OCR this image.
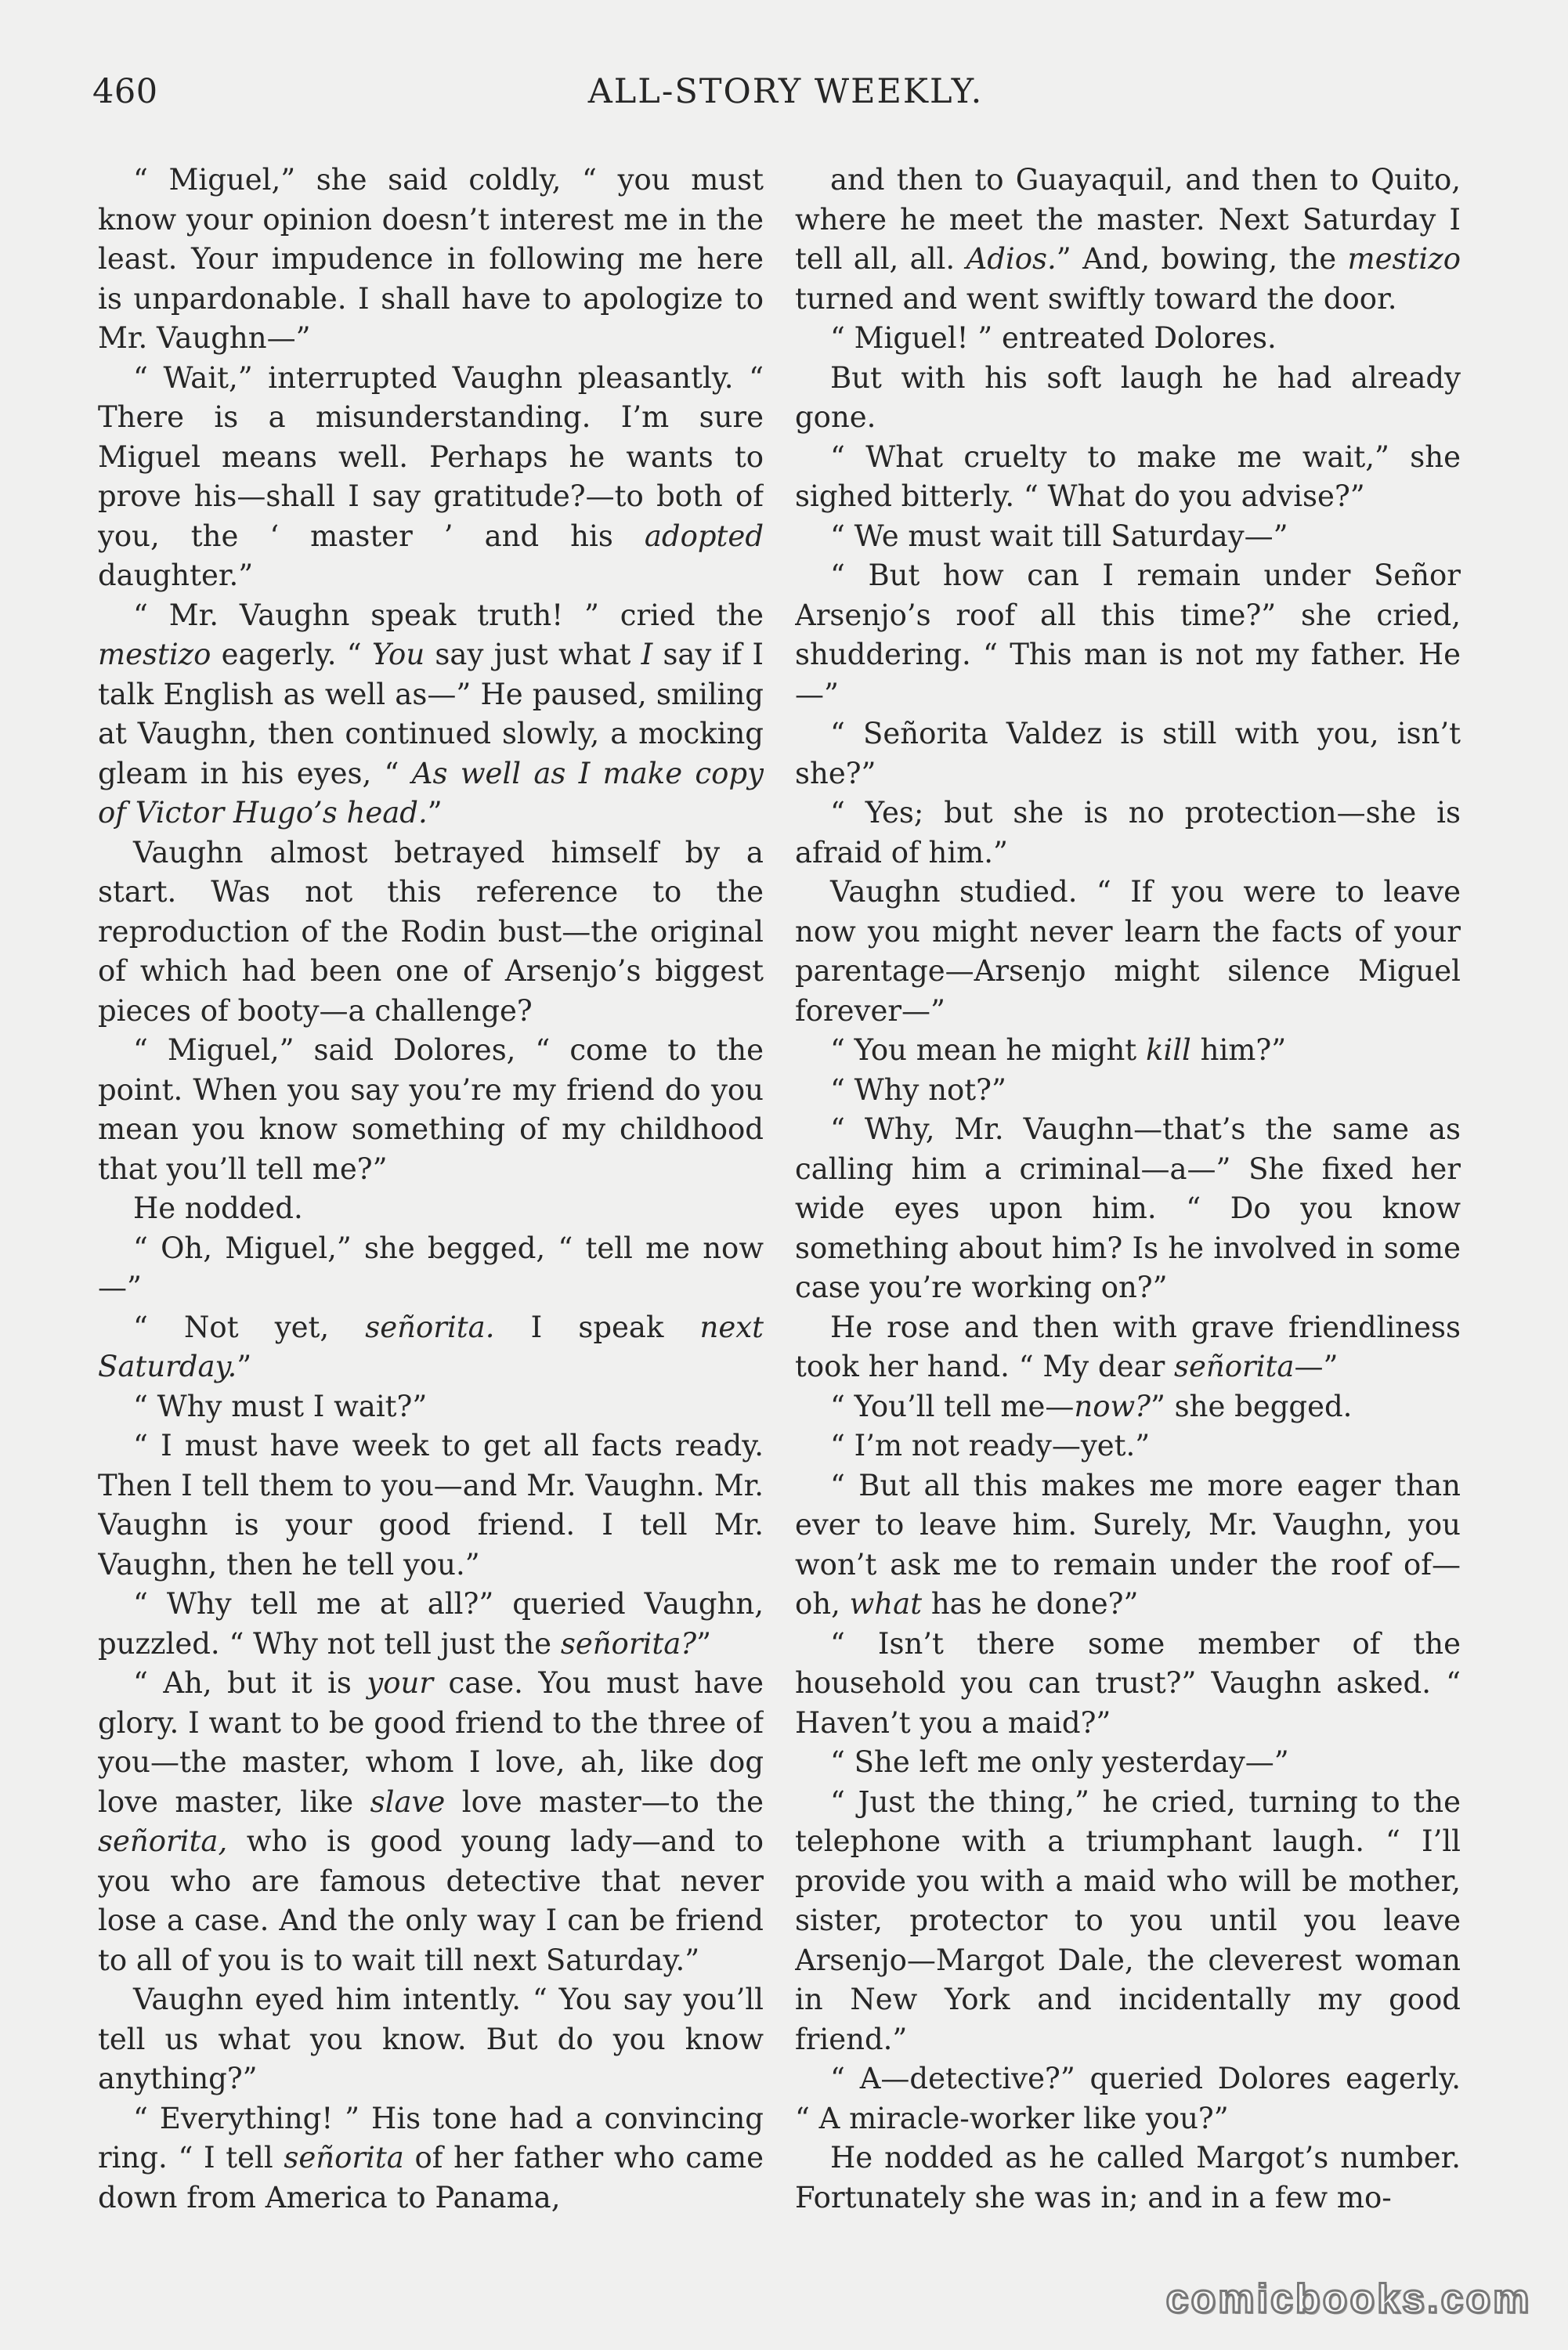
460	ALL-STORY WEEKLY.

“ Miguel,” she said coldly, “ you must know your opinion doesn’t interest me in the least. Your impudence in following me here is unpardonable. I shall have to apologize to Mr. Vaughn—”

“ Wait,” interrupted Vaughn pleasantly. “ There is a misunderstanding. I’m sure Miguel means well. Perhaps he wants to prove his—shall I say gratitude?—to both of you, the ‘ master ’ and his adopted daughter.”

“ Mr. Vaughn speak truth! ” cried the mestizo eagerly. “ You say just what I say if I talk English as well as—” He paused, smiling at Vaughn, then continued slowly, a mocking gleam in his eyes, “ As well as I make copy of Victor Hugo’s head.”

Vaughn almost betrayed himself by a start. Was not this reference to the reproduction of the Rodin bust—the original of which had been one of Arsenjo’s biggest pieces of booty—a challenge?

“ Miguel,” said Dolores, “ come to the point. When you say you’re my friend do you mean you know something of my childhood that you’ll tell me?”

He nodded.

“ Oh, Miguel,” she begged, “ tell me now—”

“ Not yet, señorita. I speak next Saturday.”

“ Why must I wait?”

“ I must have week to get all facts ready. Then I tell them to you—and Mr. Vaughn. Mr. Vaughn is your good friend. I tell Mr. Vaughn, then he tell you.”

“ Why tell me at all?” queried Vaughn, puzzled. “ Why not tell just the señorita?”

“ Ah, but it is your case. You must have glory. I want to be good friend to the three of you—the master, whom I love, ah, like dog love master, like slave love master—to the señorita, who is good young lady—and to you who are famous detective that never lose a case. And the only way I can be friend to all of you is to wait till next Saturday.”

Vaughn eyed him intently. “ You say you’ll tell us what you know. But do you know anything?”

“ Everything! ” His tone had a convincing ring. “ I tell señorita of her father who came down from America to Panama,

and then to Guayaquil, and then to Quito, where he meet the master. Next Saturday I tell all, all. Adios.” And, bowing, the mestizo turned and went swiftly toward the door.

“ Miguel! ” entreated Dolores.

But with his soft laugh he had already gone.

“ What cruelty to make me wait,” she sighed bitterly. “ What do you advise?”

“ We must wait till Saturday—”

“ But how can I remain under Señor Arsenjo’s roof all this time?” she cried, shuddering. “ This man is not my father. He—”

“ Señorita Valdez is still with you, isn’t she?”

“ Yes; but she is no protection—she is afraid of him.”

Vaughn studied. “ If you were to leave now you might never learn the facts of your parentage—Arsenjo might silence Miguel forever—”

“ You mean he might kill him?”

“ Why not?”

“ Why, Mr. Vaughn—that’s the same as calling him a criminal—a—” She fixed her wide eyes upon him. “ Do you know something about him? Is he involved in some case you’re working on?”

He rose and then with grave friendliness took her hand. “ My dear señorita—”

“ You’ll tell me—now?” she begged.

“ I’m not ready—yet.”

“ But all this makes me more eager than ever to leave him. Surely, Mr. Vaughn, you won’t ask me to remain under the roof of—oh, what has he done?”

“ Isn’t there some member of the household you can trust?” Vaughn asked. “ Haven’t you a maid?”

“ She left me only yesterday—”

“ Just the thing,” he cried, turning to the telephone with a triumphant laugh. “ I’ll provide you with a maid who will be mother, sister, protector to you until you leave Arsenjo—Margot Dale, the cleverest woman in New York and incidentally my good friend.”

“ A—detective?” queried Dolores eagerly. “ A miracle-worker like you?”

He nodded as he called Margot’s number. Fortunately she was in; and in a few mo-

comicbooks.com
